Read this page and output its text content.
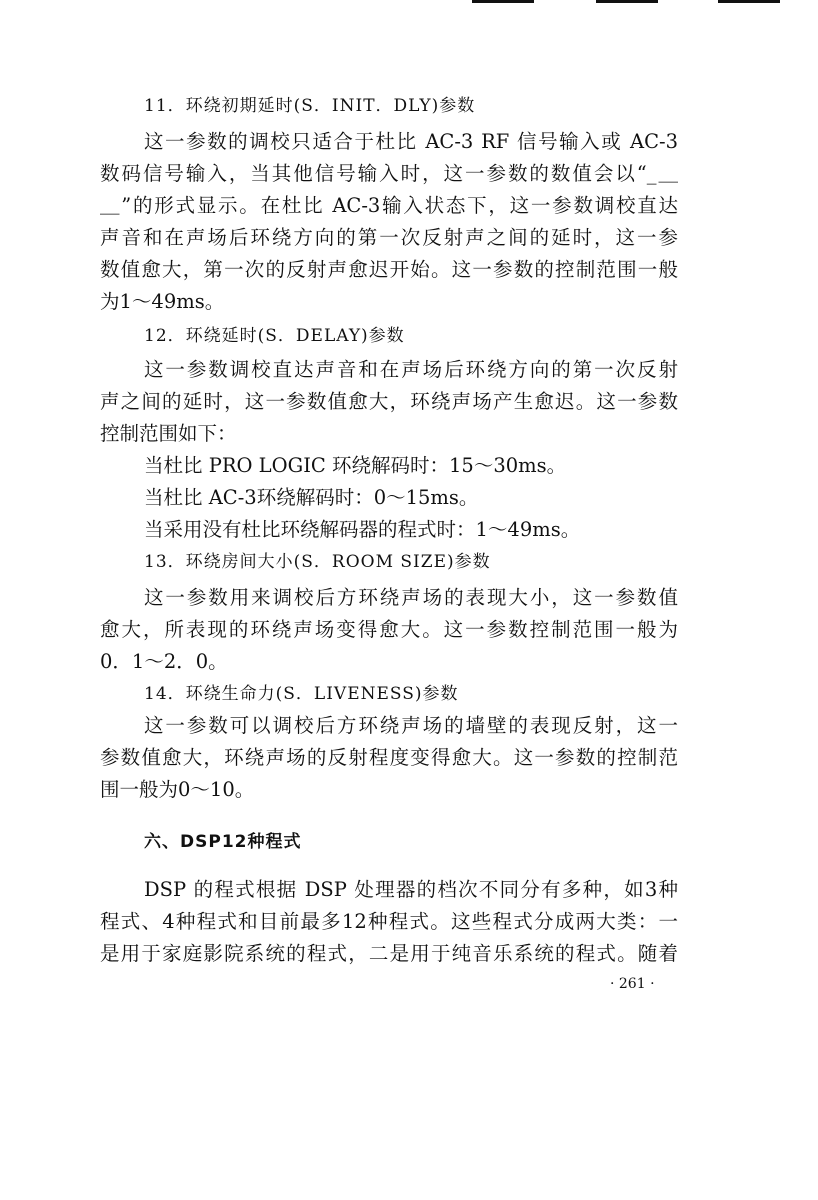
11．环绕初期延时(S．INIT．DLY)参数
这一参数的调校只适合于杜比 AC-3 RF 信号输入或 AC-3
数码信号输入，当其他信号输入时，这一参数的数值会以“_＿
＿”的形式显示。在杜比 AC-3输入状态下，这一参数调校直达
声音和在声场后环绕方向的第一次反射声之间的延时，这一参
数值愈大，第一次的反射声愈迟开始。这一参数的控制范围一般
为1～49ms。
12．环绕延时(S．DELAY)参数
这一参数调校直达声音和在声场后环绕方向的第一次反射
声之间的延时，这一参数值愈大，环绕声场产生愈迟。这一参数
控制范围如下：
当杜比 PRO LOGIC 环绕解码时：15～30ms。
当杜比 AC-3环绕解码时：0～15ms。
当采用没有杜比环绕解码器的程式时：1～49ms。
13．环绕房间大小(S．ROOM SIZE)参数
这一参数用来调校后方环绕声场的表现大小，这一参数值
愈大，所表现的环绕声场变得愈大。这一参数控制范围一般为
0．1～2．0。
14．环绕生命力(S．LIVENESS)参数
这一参数可以调校后方环绕声场的墙壁的表现反射，这一
参数值愈大，环绕声场的反射程度变得愈大。这一参数的控制范
围一般为0～10。
六、DSP12种程式
DSP 的程式根据 DSP 处理器的档次不同分有多种，如3种
程式、4种程式和目前最多12种程式。这些程式分成两大类：一
是用于家庭影院系统的程式，二是用于纯音乐系统的程式。随着
· 261 ·
